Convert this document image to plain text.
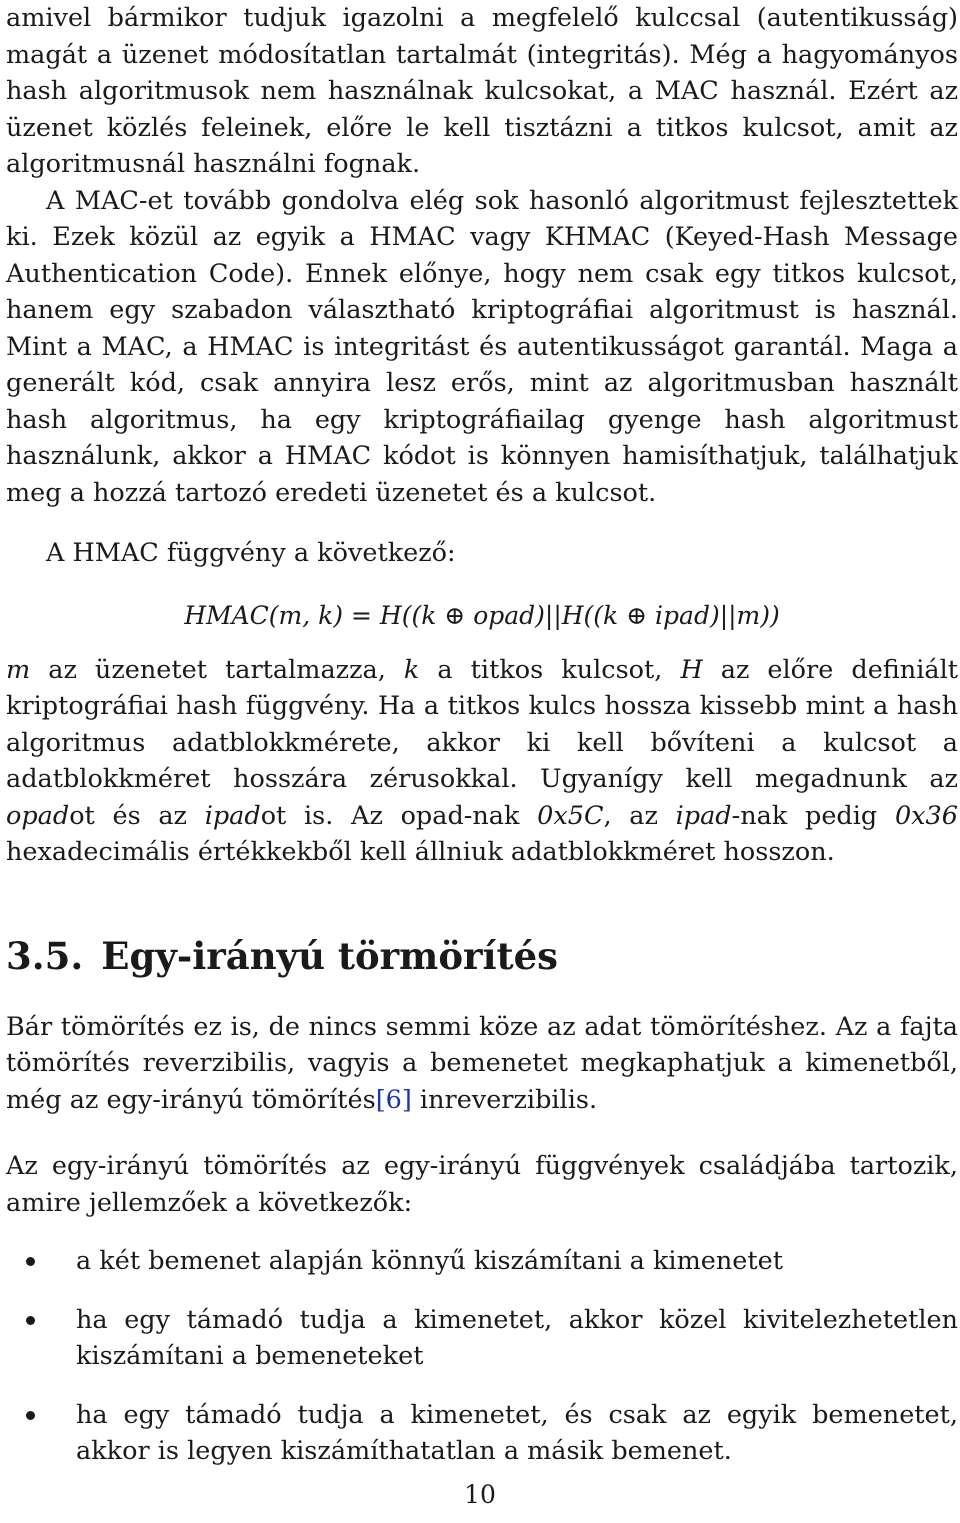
amivel bármikor tudjuk igazolni a megfelelő kulccsal (autentikusság) magát a üzenet módosítatlan tartalmát (integritás). Még a hagyományos hash algoritmusok nem használnak kulcsokat, a MAC használ. Ezért az üzenet közlés feleinek, előre le kell tisztázni a titkos kulcsot, amit az algoritmusnál használni fognak.

A MAC-et tovább gondolva elég sok hasonló algoritmust fejlesztettek ki. Ezek közül az egyik a HMAC vagy KHMAC (Keyed-Hash Message Authentication Code). Ennek előnye, hogy nem csak egy titkos kulcsot, hanem egy szabadon választható kriptográfiai algoritmust is használ. Mint a MAC, a HMAC is integritást és autentikusságot garantál. Maga a generált kód, csak annyira lesz erős, mint az algoritmusban használt hash algoritmus, ha egy kriptográfiailag gyenge hash algoritmust használunk, akkor a HMAC kódot is könnyen hamisíthatjuk, találhatjuk meg a hozzá tartozó eredeti üzenetet és a kulcsot.

A HMAC függvény a következő:

HMAC(m, k) = H((k ⊕ opad)||H((k ⊕ ipad)||m))

m az üzenetet tartalmazza, k a titkos kulcsot, H az előre definiált kriptográfiai hash függvény. Ha a titkos kulcs hossza kissebb mint a hash algoritmus adatblokkmérete, akkor ki kell bővíteni a kulcsot a adatblokkméret hosszára zérusokkal. Ugyanígy kell megadnunk az opadot és az ipadot is. Az opad-nak 0x5C, az ipad-nak pedig 0x36 hexadecimális értékkekből kell állniuk adatblokkméret hosszon.

3.5. Egy-irányú törmörítés

Bár tömörítés ez is, de nincs semmi köze az adat tömörítéshez. Az a fajta tömörítés reverzibilis, vagyis a bemenetet megkaphatjuk a kimenetből, még az egy-irányú tömörítés[6] inreverzibilis.

Az egy-irányú tömörítés az egy-irányú függvények családjába tartozik, amire jellemzőek a következők:

a két bemenet alapján könnyű kiszámítani a kimenetet
ha egy támadó tudja a kimenetet, akkor közel kivitelezhetetlen kiszámítani a bemeneteket
ha egy támadó tudja a kimenetet, és csak az egyik bemenetet, akkor is legyen kiszámíthatatlan a másik bemenet.
10
